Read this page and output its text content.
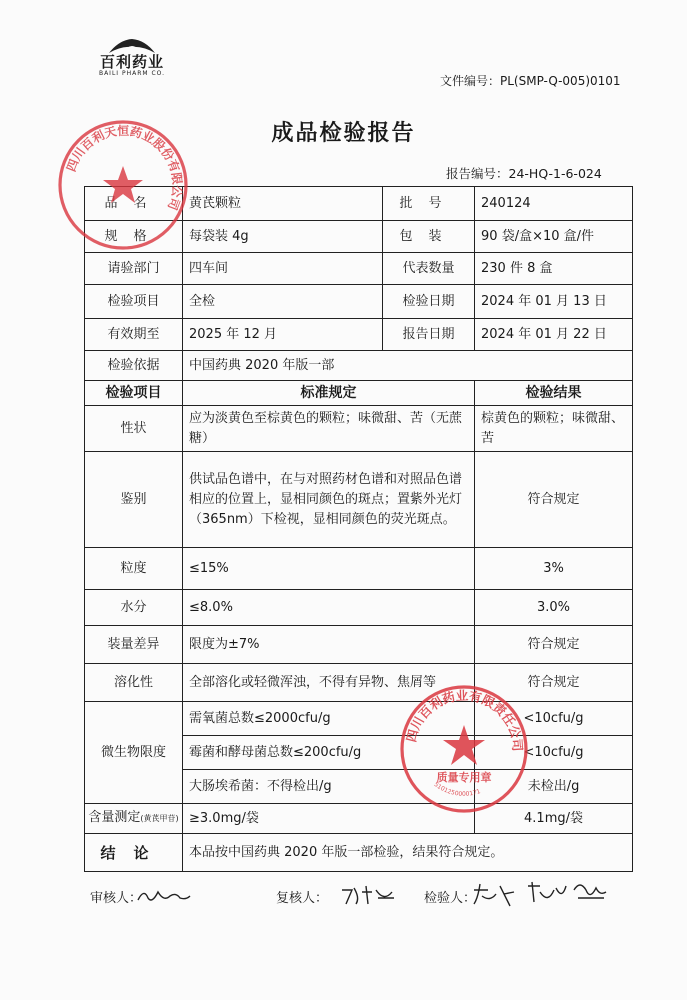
百利药业
BAILI PHARM CO.
文件编号：PL(SMP-Q-005)0101
成品检验报告
报告编号：24-HQ-1-6-024
品名	黄芪颗粒	批号	240124
规格	每袋装 4g	包装	90 袋/盒×10 盒/件
请验部门	四车间	代表数量	230 件 8 盒
检验项目	全检	检验日期	2024 年 01 月 13 日
有效期至	2025 年 12 月	报告日期	2024 年 01 月 22 日
检验依据	中国药典 2020 年版一部		
检验项目	标准规定		检验结果
性状	应为淡黄色至棕黄色的颗粒；味微甜、苦（无蔗糖）		棕黄色的颗粒；味微甜、苦
鉴别	供试品色谱中，在与对照药材色谱和对照品色谱相应的位置上，显相同颜色的斑点；置紫外光灯（365nm）下检视，显相同颜色的荧光斑点。		符合规定
粒度	≤15%		3%
水分	≤8.0%		3.0%
装量差异	限度为±7%		符合规定
溶化性	全部溶化或轻微浑浊，不得有异物、焦屑等		符合规定
微生物限度	需氧菌总数≤2000cfu/g		<10cfu/g
	霉菌和酵母菌总数≤200cfu/g		<10cfu/g
	大肠埃希菌：不得检出/g		未检出/g
含量测定(黄芪甲苷)	≥3.0mg/袋		4.1mg/袋
结论	本品按中国药典 2020 年版一部检验，结果符合规定。		
审核人：	复核人：	检验人：
四川百利天恒药业股份有限公司
四川百利药业有限责任公司
质量专用章
5101250000171
